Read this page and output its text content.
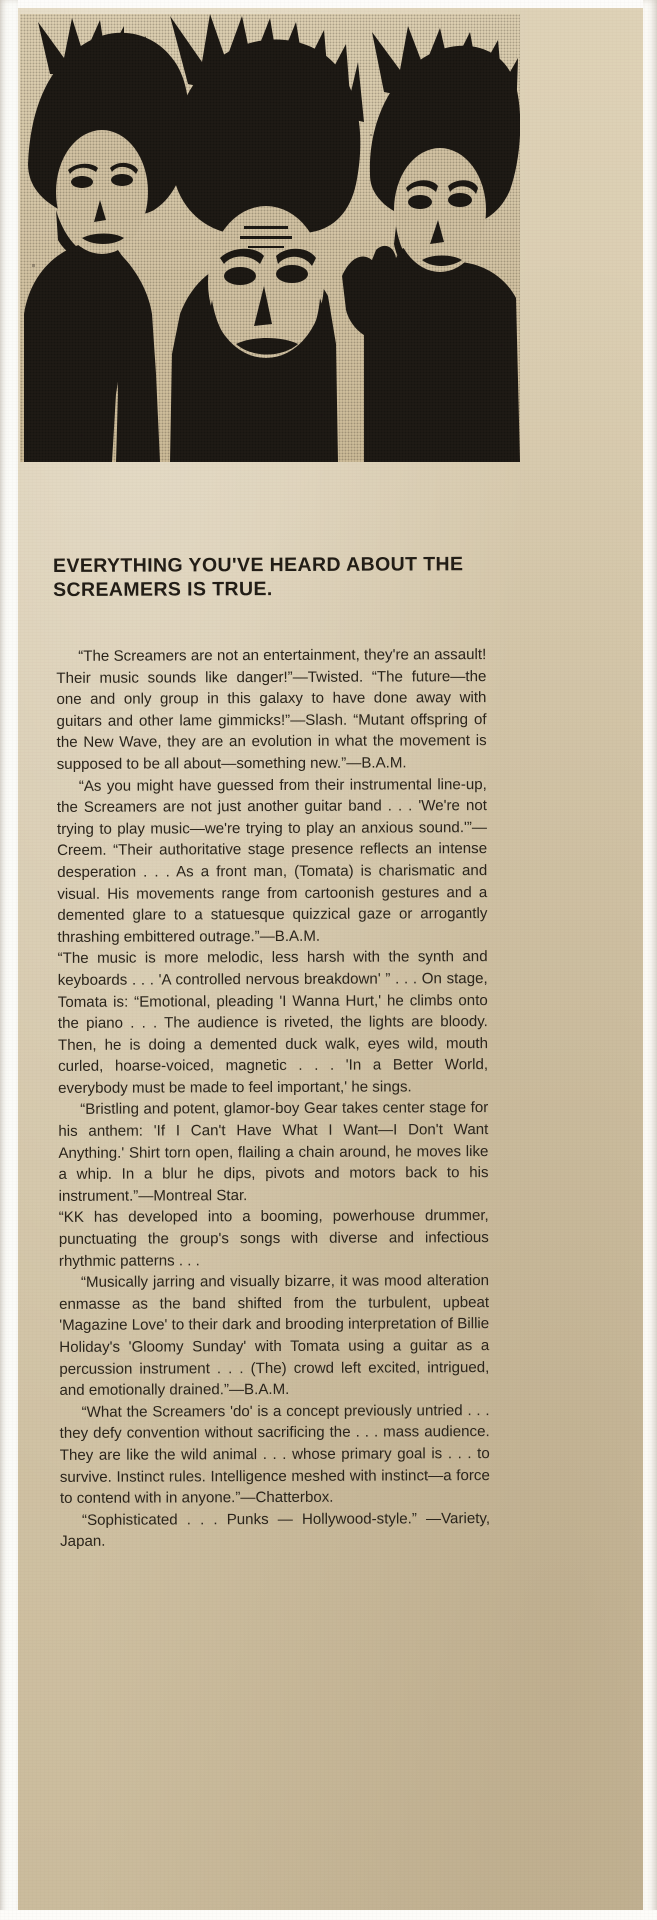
EVERYTHING YOU'VE HEARD ABOUT THE SCREAMERS IS TRUE.

“The Screamers are not an entertainment, they're an assault! Their music sounds like danger!”—Twisted. “The future—the one and only group in this galaxy to have done away with guitars and other lame gimmicks!”—Slash. “Mutant offspring of the New Wave, they are an evolution in what the movement is supposed to be all about—something new.”—B.A.M.

“As you might have guessed from their instrumental line-up, the Screamers are not just another guitar band . . . 'We're not trying to play music—we're trying to play an anxious sound.'”—Creem. “Their authoritative stage presence reflects an intense desperation . . . As a front man, (Tomata) is charismatic and visual. His movements range from cartoonish gestures and a demented glare to a statuesque quizzical gaze or arrogantly thrashing embittered outrage.”—B.A.M.

“The music is more melodic, less harsh with the synth and keyboards . . . 'A controlled nervous breakdown' ” . . . On stage, Tomata is: “Emotional, pleading 'I Wanna Hurt,' he climbs onto the piano . . . The audience is riveted, the lights are bloody. Then, he is doing a demented duck walk, eyes wild, mouth curled, hoarse-voiced, magnetic . . . 'In a Better World, everybody must be made to feel important,' he sings.

“Bristling and potent, glamor-boy Gear takes center stage for his anthem: 'If I Can't Have What I Want—I Don't Want Anything.' Shirt torn open, flailing a chain around, he moves like a whip. In a blur he dips, pivots and motors back to his instrument.”—Montreal Star.

“KK has developed into a booming, powerhouse drummer, punctuating the group's songs with diverse and infectious rhythmic patterns . . .

“Musically jarring and visually bizarre, it was mood alteration enmasse as the band shifted from the turbulent, upbeat 'Magazine Love' to their dark and brooding interpretation of Billie Holiday's 'Gloomy Sunday' with Tomata using a guitar as a percussion instrument . . . (The) crowd left excited, intrigued, and emotionally drained.”—B.A.M.

“What the Screamers 'do' is a concept previously untried . . . they defy convention without sacrificing the . . . mass audience. They are like the wild animal . . . whose primary goal is . . . to survive. Instinct rules. Intelligence meshed with instinct—a force to contend with in anyone.”—Chatterbox.

“Sophisticated . . . Punks — Hollywood-style.” —Variety, Japan.
